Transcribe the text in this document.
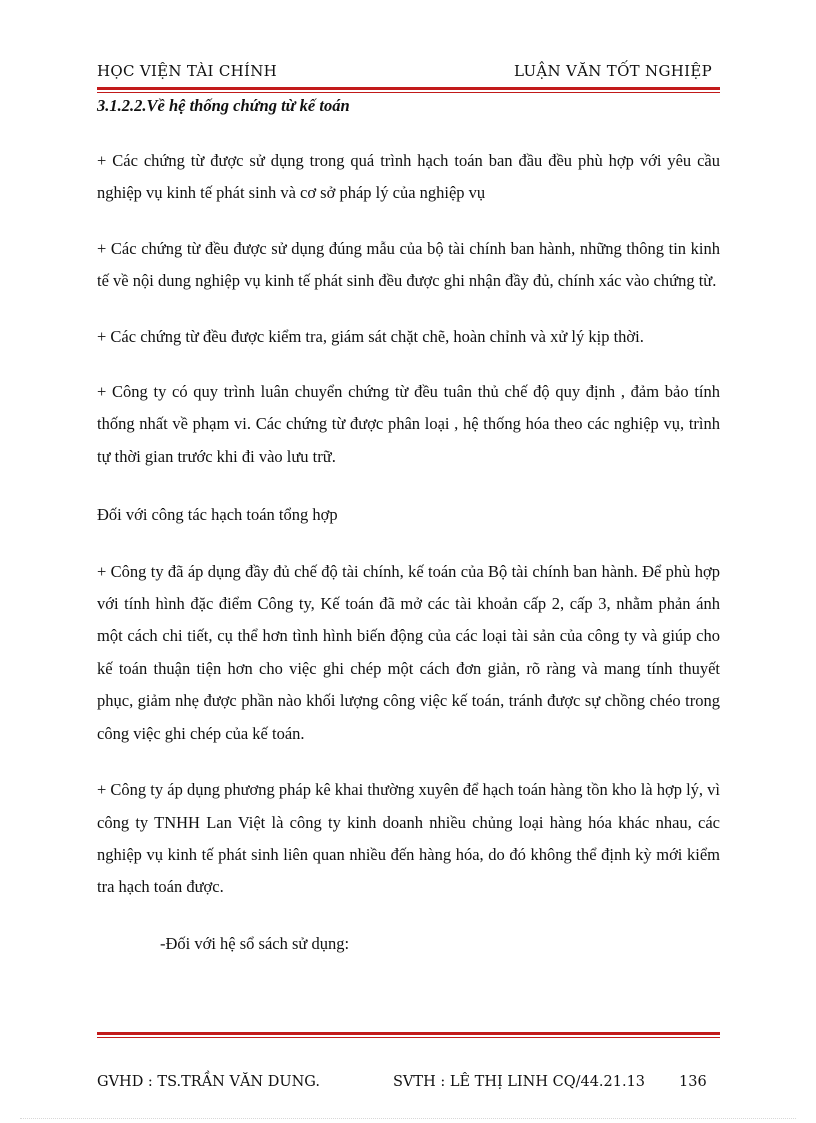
HỌC VIỆN TÀI CHÍNH	LUẬN VĂN TỐT NGHIỆP
3.1.2.2.Về hệ thống chứng từ kế toán

+ Các chứng từ được sử dụng trong quá trình hạch toán ban đầu đều phù hợp với yêu cầu nghiệp vụ kinh tế phát sinh và cơ sở pháp lý của nghiệp vụ

+ Các chứng từ đều được sử dụng đúng mẫu của bộ tài chính ban hành, những thông tin kinh tế về nội dung nghiệp vụ kinh tế phát sinh đều được ghi nhận đầy đủ, chính xác vào chứng từ.

+ Các chứng từ đều được kiểm tra, giám sát chặt chẽ, hoàn chỉnh và xử lý kịp thời.

+ Công ty có quy trình luân chuyển chứng từ đều tuân thủ chế độ quy định , đảm bảo tính thống nhất về phạm vi. Các chứng từ được phân loại , hệ thống hóa theo các nghiệp vụ, trình tự thời gian trước khi đi vào lưu trữ.

Đối với công tác hạch toán tổng hợp

+ Công ty đã áp dụng đầy đủ chế độ tài chính, kế toán của Bộ tài chính ban hành. Để phù hợp với tính hình đặc điểm Công ty, Kế toán đã mở các tài khoản cấp 2, cấp 3, nhằm phản ánh một cách chi tiết, cụ thể hơn tình hình biến động của các loại tài sản của công ty và giúp cho kế toán thuận tiện hơn cho việc ghi chép một cách đơn giản, rõ ràng và mang tính thuyết phục, giảm nhẹ được phần nào khối lượng công việc kế toán, tránh được sự chồng chéo trong công việc ghi chép của kế toán.

+ Công ty áp dụng phương pháp kê khai thường xuyên để hạch toán hàng tồn kho là hợp lý, vì công ty TNHH Lan Việt là công ty kinh doanh nhiều chủng loại hàng hóa khác nhau, các nghiệp vụ kinh tế phát sinh liên quan nhiều đến hàng hóa, do đó không thể định kỳ mới kiểm tra hạch toán được.

-Đối với hệ sổ sách sử dụng:

GVHD : TS.TRẦN VĂN DUNG.	SVTH : LÊ THỊ LINH CQ/44.21.13 136
